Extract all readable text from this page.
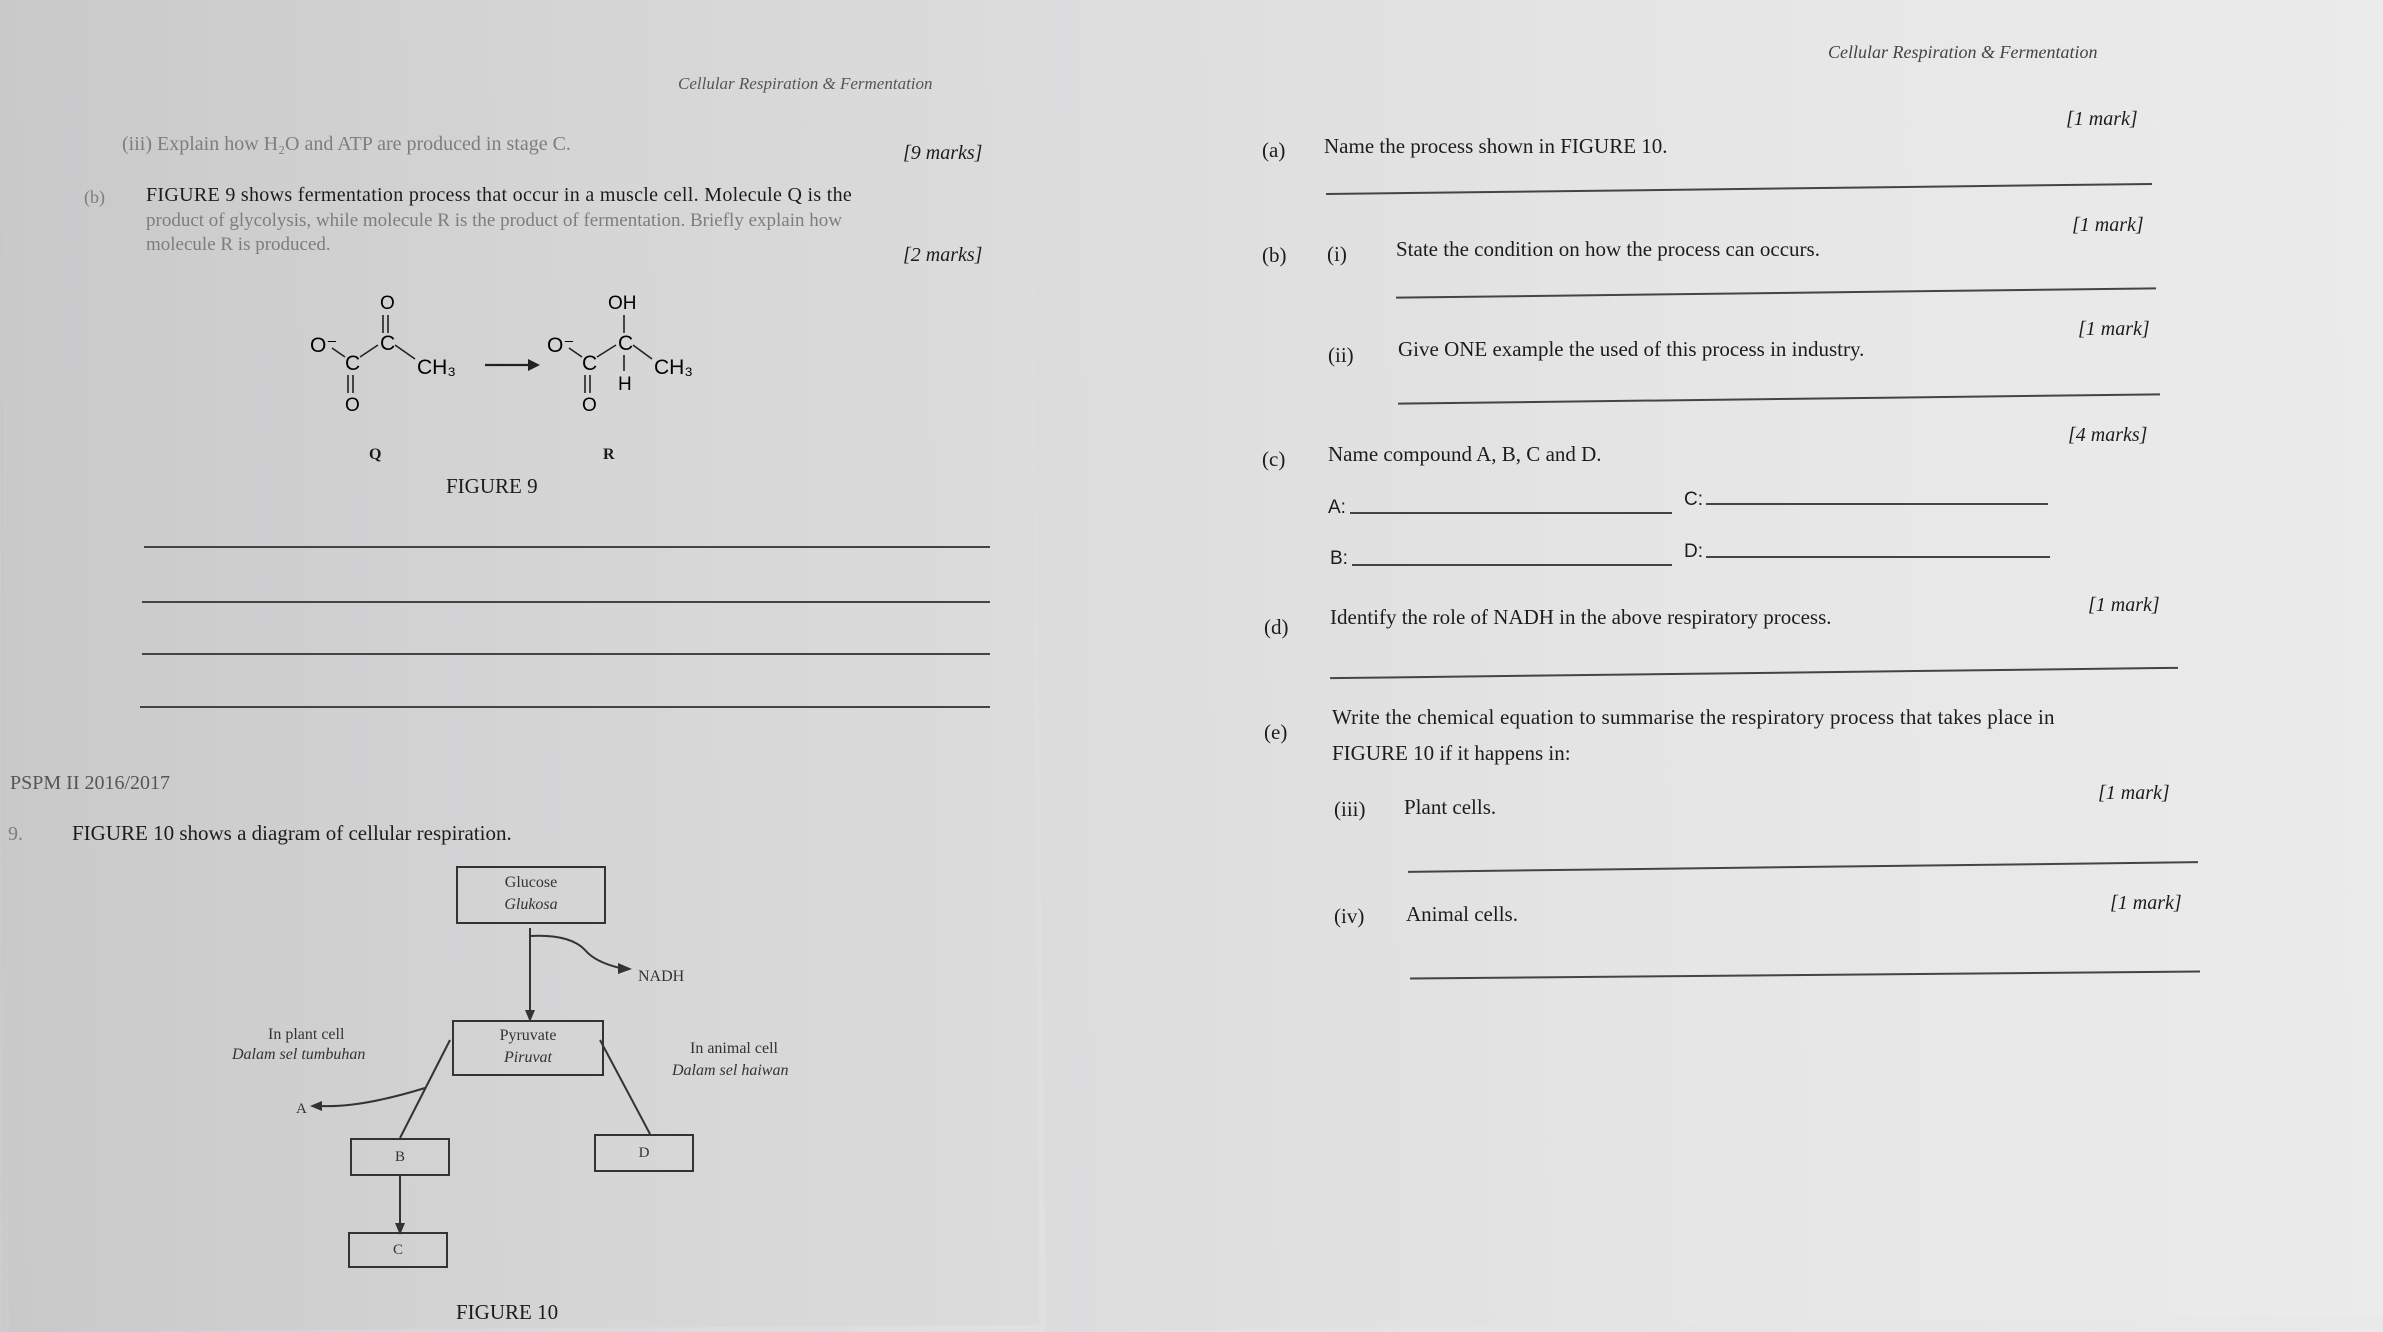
Cellular Respiration & Fermentation
(iii) Explain how H₂O and ATP are produced in stage C.	[9 marks]
(b) FIGURE 9 shows fermentation process that occur in a muscle cell. Molecule Q is the
product of glycolysis, while molecule R is the product of fermentation. Briefly explain how
molecule R is produced.	[2 marks]
O⁻
C
C
O
O
CH₃
O⁻
C
C
OH
H
O
CH₃
Q	R
FIGURE 9
PSPM II 2016/2017
9. FIGURE 10 shows a diagram of cellular respiration.
Glucose
Glukosa
NADH
Pyruvate
Piruvat
In plant cell
Dalam sel tumbuhan	In animal cell
Dalam sel haiwan
A
B	D
C
FIGURE 10
Cellular Respiration & Fermentation
[1 mark]
(a) Name the process shown in FIGURE 10.
[1 mark]
(b) (i) State the condition on how the process can occurs.
[1 mark]
(ii) Give ONE example the used of this process in industry.
[4 marks]
(c) Name compound A, B, C and D.
A:	C:
B:	D:
[1 mark]
(d) Identify the role of NADH in the above respiratory process.
(e)
Write the chemical equation to summarise the respiratory process that takes place in
FIGURE 10 if it happens in:
[1 mark]
(iii) Plant cells.
[1 mark]
(iv) Animal cells.
